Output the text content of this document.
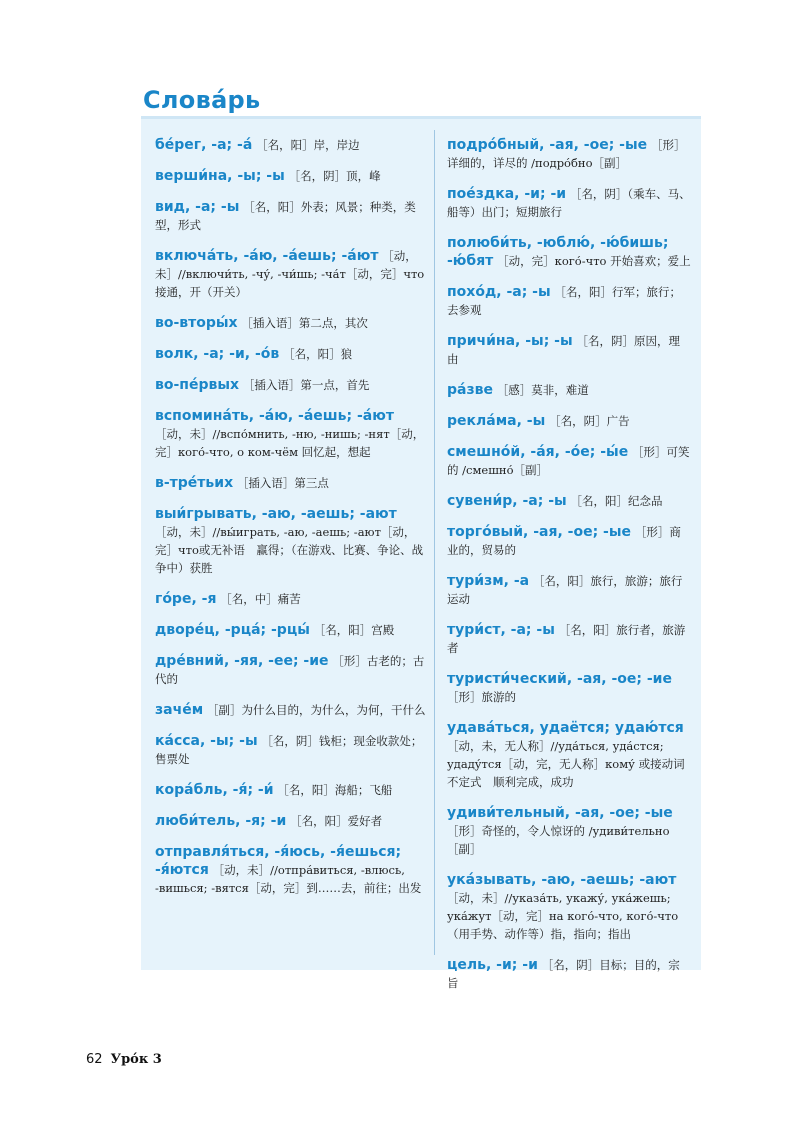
Слова́рь
бе́рег, -а; -а́ ［名，阳］岸，岸边
верши́на, -ы; -ы ［名，阴］顶，峰
вид, -а; -ы ［名，阳］外表；风景；种类，类型，形式
включа́ть, -а́ю, -а́ешь; -а́ют ［动，未］//включи́ть, -чу́, -чи́шь; -ча́т［动，完］что 接通，开（开关）
во-вторы́х ［插入语］第二点，其次
волк, -а; -и, -о́в ［名，阳］狼
во-пе́рвых ［插入语］第一点，首先
вспомина́ть, -а́ю, -а́ешь; -а́ют ［动，未］//вспо́мнить, -ню, -нишь; -нят［动，完］кого́-что, о ком-чём 回忆起，想起
в-тре́тьих ［插入语］第三点
выи́грывать, -аю, -аешь; -ают ［动，未］//вы́играть, -аю, -аешь; -ают［动，完］что或无补语　赢得；（在游戏、比赛、争论、战争中）获胜
го́ре, -я ［名，中］痛苦
дворе́ц, -рца́; -рцы́ ［名，阳］宫殿
дре́вний, -яя, -ее; -ие ［形］古老的；古代的
заче́м ［副］为什么目的，为什么，为何，干什么
ка́сса, -ы; -ы ［名，阴］钱柜；现金收款处；售票处
кора́бль, -я́; -и́ ［名，阳］海船；飞船
люби́тель, -я; -и ［名，阳］爱好者
отправля́ться, -я́юсь, -я́ешься; -я́ются ［动，未］//отпра́виться, -влюсь, -вишься; -вятся［动，完］到……去，前往；出发
подро́бный, -ая, -ое; -ые ［形］详细的，详尽的 /подро́бно［副］
пое́здка, -и; -и ［名，阴］（乘车、马、船等）出门；短期旅行
полюби́ть, -юблю́, -ю́бишь; -ю́бят ［动，完］кого́-что 开始喜欢；爱上
похо́д, -а; -ы ［名，阳］行军；旅行；去参观
причи́на, -ы; -ы ［名，阴］原因，理由
ра́зве ［感］莫非，难道
рекла́ма, -ы ［名，阴］广告
смешно́й, -а́я, -о́е; -ы́е ［形］可笑的 /смешно́［副］
сувени́р, -а; -ы ［名，阳］纪念品
торго́вый, -ая, -ое; -ые ［形］商业的，贸易的
тури́зм, -а ［名，阳］旅行，旅游；旅行运动
тури́ст, -а; -ы ［名，阳］旅行者，旅游者
туристи́ческий, -ая, -ое; -ие ［形］旅游的
удава́ться, удаётся; удаю́тся ［动，未，无人称］//уда́ться, уда́стся; удаду́тся［动，完，无人称］кому́ 或接动词不定式　顺利完成，成功
удиви́тельный, -ая, -ое; -ые ［形］奇怪的，令人惊讶的 /удиви́тельно［副］
ука́зывать, -аю, -аешь; -ают ［动，未］//указа́ть, укажу́, ука́жешь; ука́жут［动，完］на кого́-что, кого́-что（用手势、动作等）指，指向；指出
цель, -и; -и ［名，阴］目标；目的，宗旨
62 Уро́к 3
